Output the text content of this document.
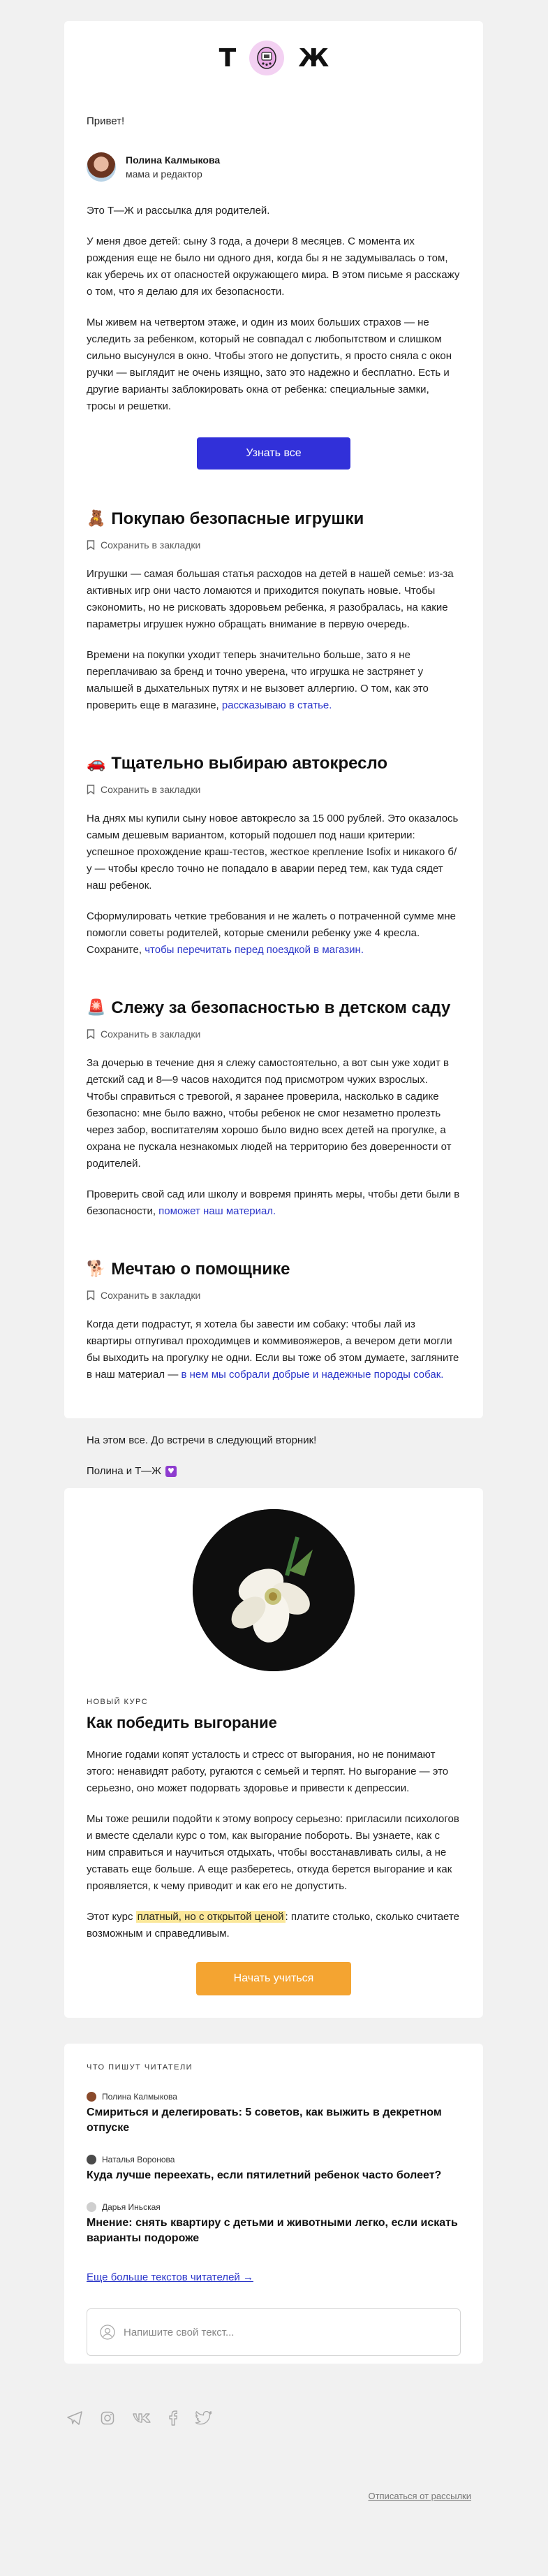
Т	Ж

Привет!

Полина Калмыкова
мама и редактор

Это Т—Ж и рассылка для родителей.

У меня двое детей: сыну 3 года, а дочери 8 месяцев. С момента их рождения еще не было ни одного дня, когда бы я не задумывалась о том, как уберечь их от опасностей окружающего мира. В этом письме я расскажу о том, что я делаю для их безопасности.

Мы живем на четвертом этаже, и один из моих больших страхов — не уследить за ребенком, который не совпадал с любопытством и слишком сильно высунулся в окно. Чтобы этого не допустить, я просто сняла с окон ручки — выглядит не очень изящно, зато это надежно и бесплатно. Есть и другие варианты заблокировать окна от ребенка: специальные замки, тросы и решетки.

Узнать все
🧸 Покупаю безопасные игрушки
Сохранить в закладки

Игрушки — самая большая статья расходов на детей в нашей семье: из-за активных игр они часто ломаются и приходится покупать новые. Чтобы сэкономить, но не рисковать здоровьем ребенка, я разобралась, на какие параметры игрушек нужно обращать внимание в первую очередь.

Времени на покупки уходит теперь значительно больше, зато я не переплачиваю за бренд и точно уверена, что игрушка не застрянет у малышей в дыхательных путях и не вызовет аллергию. О том, как это проверить еще в магазине, рассказываю в статье.

🚗 Тщательно выбираю автокресло
Сохранить в закладки

На днях мы купили сыну новое автокресло за 15 000 рублей. Это оказалось самым дешевым вариантом, который подошел под наши критерии: успешное прохождение краш-тестов, жесткое крепление Isofix и никакого б/у — чтобы кресло точно не попадало в аварии перед тем, как туда сядет наш ребенок.

Сформулировать четкие требования и не жалеть о потраченной сумме мне помогли советы родителей, которые сменили ребенку уже 4 кресла. Сохраните, чтобы перечитать перед поездкой в магазин.

🚨 Слежу за безопасностью в детском саду
Сохранить в закладки

За дочерью в течение дня я слежу самостоятельно, а вот сын уже ходит в детский сад и 8—9 часов находится под присмотром чужих взрослых. Чтобы справиться с тревогой, я заранее проверила, насколько в садике безопасно: мне было важно, чтобы ребенок не смог незаметно пролезть через забор, воспитателям хорошо было видно всех детей на прогулке, а охрана не пускала незнакомых людей на территорию без доверенности от родителей.

Проверить свой сад или школу и вовремя принять меры, чтобы дети были в безопасности, поможет наш материал.

🐕 Мечтаю о помощнике
Сохранить в закладки

Когда дети подрастут, я хотела бы завести им собаку: чтобы лай из квартиры отпугивал проходимцев и коммивояжеров, а вечером дети могли бы выходить на прогулку не одни. Если вы тоже об этом думаете, загляните в наш материал — в нем мы собрали добрые и надежные породы собак.

На этом все. До встречи в следующий вторник!

Полина и Т—Ж ♥
НОВЫЙ КУРС
Как победить выгорание

Многие годами копят усталость и стресс от выгорания, но не понимают этого: ненавидят работу, ругаются с семьей и терпят. Но выгорание — это серьезно, оно может подорвать здоровье и привести к депрессии.

Мы тоже решили подойти к этому вопросу серьезно: пригласили психологов и вместе сделали курс о том, как выгорание побороть. Вы узнаете, как с ним справиться и научиться отдыхать, чтобы восстанавливать силы, а не уставать еще больше. А еще разберетесь, откуда берется выгорание и как проявляется, к чему приводит и как его не допустить.

Этот курс платный, но с открытой ценой : платите столько, сколько считаете возможным и справедливым.

Начать учиться
ЧТО ПИШУТ ЧИТАТЕЛИ
Полина Калмыкова
Смириться и делегировать: 5 советов, как выжить в декретном отпуске
Наталья Воронова
Куда лучше переехать, если пятилетний ребенок часто болеет?
Дарья Иньская
Мнение: снять квартиру с детьми и животными легко, если искать варианты подороже
Еще больше текстов читателей →
Напишите свой текст...
Отписаться от рассылки
